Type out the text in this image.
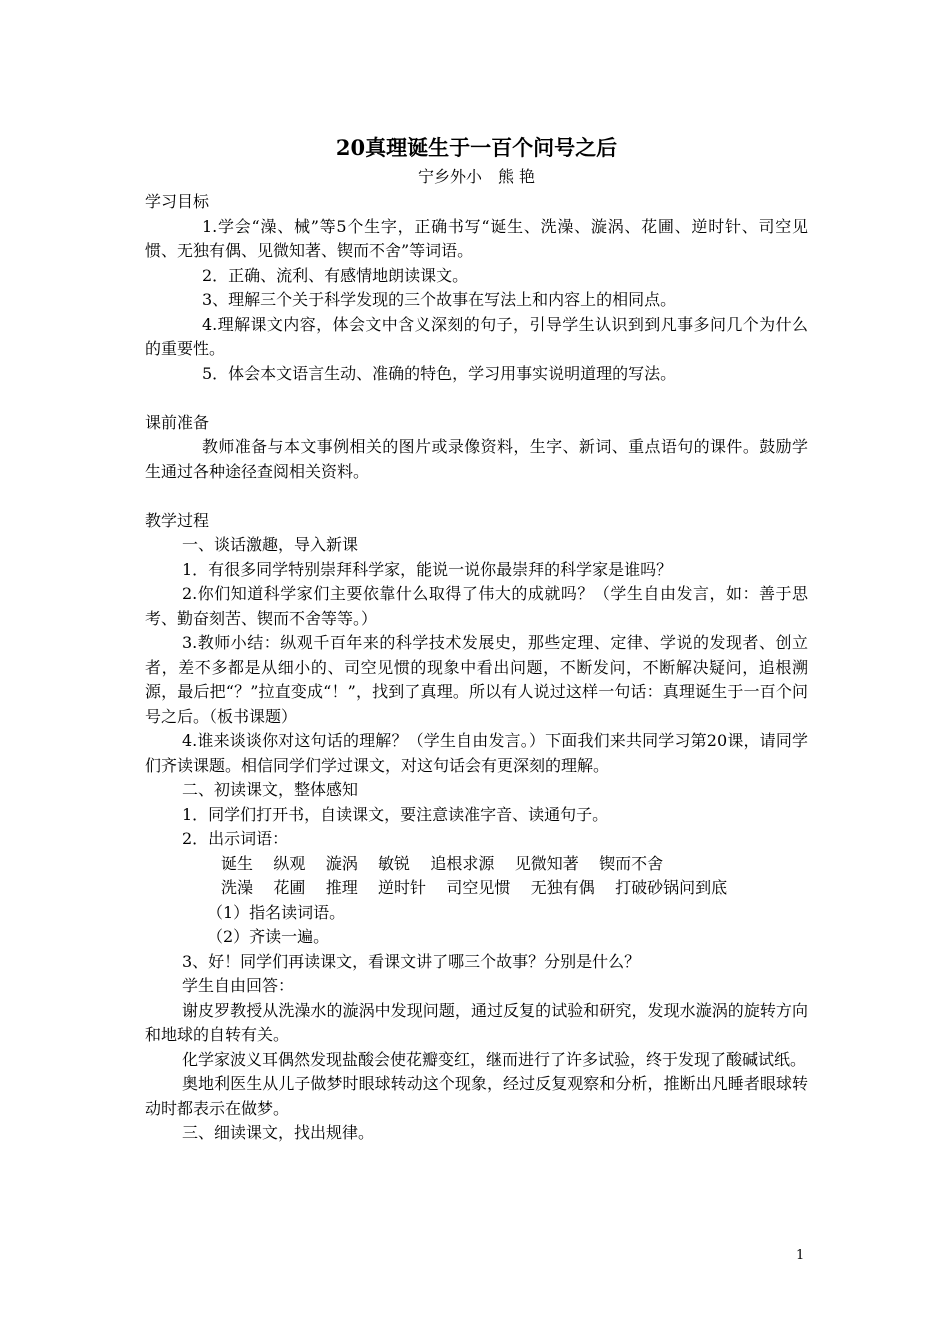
20真理诞生于一百个问号之后

宁乡外小　熊 艳

学习目标

1.学会“澡、械”等5个生字，正确书写“诞生、洗澡、漩涡、花圃、逆时针、司空见惯、无独有偶、见微知著、锲而不舍”等词语。

2．正确、流利、有感情地朗读课文。

3、理解三个关于科学发现的三个故事在写法上和内容上的相同点。

4.理解课文内容，体会文中含义深刻的句子，引导学生认识到到凡事多问几个为什么的重要性。

5．体会本文语言生动、准确的特色，学习用事实说明道理的写法。

课前准备

教师准备与本文事例相关的图片或录像资料，生字、新词、重点语句的课件。鼓励学生通过各种途径查阅相关资料。

教学过程

一、谈话激趣，导入新课

1．有很多同学特别崇拜科学家，能说一说你最崇拜的科学家是谁吗？

2.你们知道科学家们主要依靠什么取得了伟大的成就吗？（学生自由发言，如：善于思考、勤奋刻苦、锲而不舍等等。）

3.教师小结：纵观千百年来的科学技术发展史，那些定理、定律、学说的发现者、创立者，差不多都是从细小的、司空见惯的现象中看出问题，不断发问，不断解决疑问，追根溯源，最后把“？”拉直变成“！”，找到了真理。所以有人说过这样一句话：真理诞生于一百个问号之后。（板书课题）

4.谁来谈谈你对这句话的理解？（学生自由发言。）下面我们来共同学习第20课，请同学们齐读课题。相信同学们学过课文，对这句话会有更深刻的理解。

二、初读课文，整体感知

1．同学们打开书，自读课文，要注意读准字音、读通句子。

2．出示词语：

诞生    纵观    漩涡    敏锐    追根求源    见微知著    锲而不舍

洗澡    花圃    推理    逆时针    司空见惯    无独有偶    打破砂锅问到底

（1）指名读词语。

（2）齐读一遍。

3、好！同学们再读课文，看课文讲了哪三个故事？分别是什么？

学生自由回答：

谢皮罗教授从洗澡水的漩涡中发现问题，通过反复的试验和研究，发现水漩涡的旋转方向和地球的自转有关。

化学家波义耳偶然发现盐酸会使花瓣变红，继而进行了许多试验，终于发现了酸碱试纸。

奥地利医生从儿子做梦时眼球转动这个现象，经过反复观察和分析，推断出凡睡者眼球转动时都表示在做梦。

三、细读课文，找出规律。

1
